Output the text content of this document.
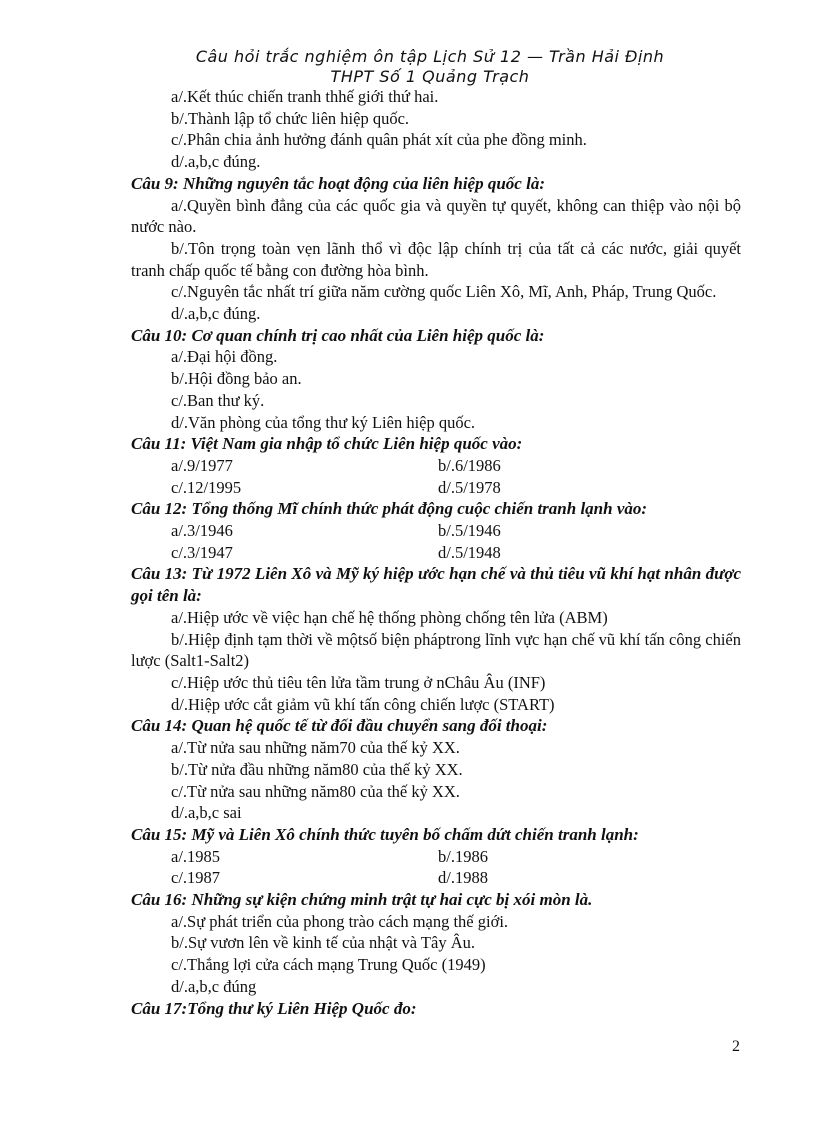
Câu hỏi trắc nghiệm ôn tập Lịch Sử 12 — Trần Hải Định
THPT Số 1 Quảng Trạch
a/.Kết thúc chiến tranh thhế giới thứ hai.
b/.Thành lập tổ chức liên hiệp quốc.
c/.Phân chia ảnh hưởng đánh quân phát xít của phe đồng minh.
d/.a,b,c đúng.
Câu 9: Những nguyên tắc hoạt động của liên hiệp quốc là:
a/.Quyền bình đẳng của các quốc gia và quyền tự quyết, không can thiệp vào nội bộ nước nào.
b/.Tôn trọng toàn vẹn lãnh thổ vì độc lập chính trị của tất cả các nước, giải quyết tranh chấp quốc tế bằng con đường hòa bình.
c/.Nguyên tắc nhất trí giữa năm cường quốc Liên Xô, Mĩ, Anh, Pháp, Trung Quốc.
d/.a,b,c đúng.
Câu 10: Cơ quan chính trị cao nhất của Liên hiệp quốc là:
a/.Đại hội đồng.
b/.Hội đồng bảo an.
c/.Ban thư ký.
d/.Văn phòng của tổng thư ký Liên hiệp quốc.
Câu 11: Việt Nam gia nhập tổ chức Liên hiệp quốc vào:
a/.9/1977	b/.6/1986
c/.12/1995	d/.5/1978
Câu 12: Tổng thống Mĩ chính thức phát động cuộc chiến tranh lạnh vào:
a/.3/1946	b/.5/1946
c/.3/1947	d/.5/1948
Câu 13: Từ 1972 Liên Xô và Mỹ ký hiệp ước hạn chế và thủ tiêu vũ khí hạt nhân được gọi tên là:
a/.Hiệp ước về việc hạn chế hệ thống phòng chống tên lửa (ABM)
b/.Hiệp định tạm thời về mộtsố biện pháptrong lĩnh vực hạn chế vũ khí tấn công chiến lược (Salt1-Salt2)
c/.Hiệp ước thủ tiêu tên lửa tầm trung ở nChâu Âu (INF)
d/.Hiệp ước cắt giảm vũ khí tấn công chiến lược (START)
Câu 14: Quan hệ quốc tế từ đối đầu chuyển sang đối thoại:
a/.Từ nửa sau những năm70 của thế kỷ XX.
b/.Từ nửa đầu những năm80 của thế kỷ XX.
c/.Từ nửa sau những năm80 của thế kỷ XX.
d/.a,b,c sai
Câu 15: Mỹ và Liên Xô chính thức tuyên bố chấm dứt chiến tranh lạnh:
a/.1985	b/.1986
c/.1987	d/.1988
Câu 16: Những sự kiện chứng minh trật tự hai cực bị xói mòn là.
a/.Sự phát triển của phong trào cách mạng thế giới.
b/.Sự vươn lên về kinh tế của nhật và Tây Âu.
c/.Thắng lợi cửa cách mạng Trung Quốc (1949)
d/.a,b,c đúng
Câu 17:Tổng thư ký Liên Hiệp Quốc đo:
2
